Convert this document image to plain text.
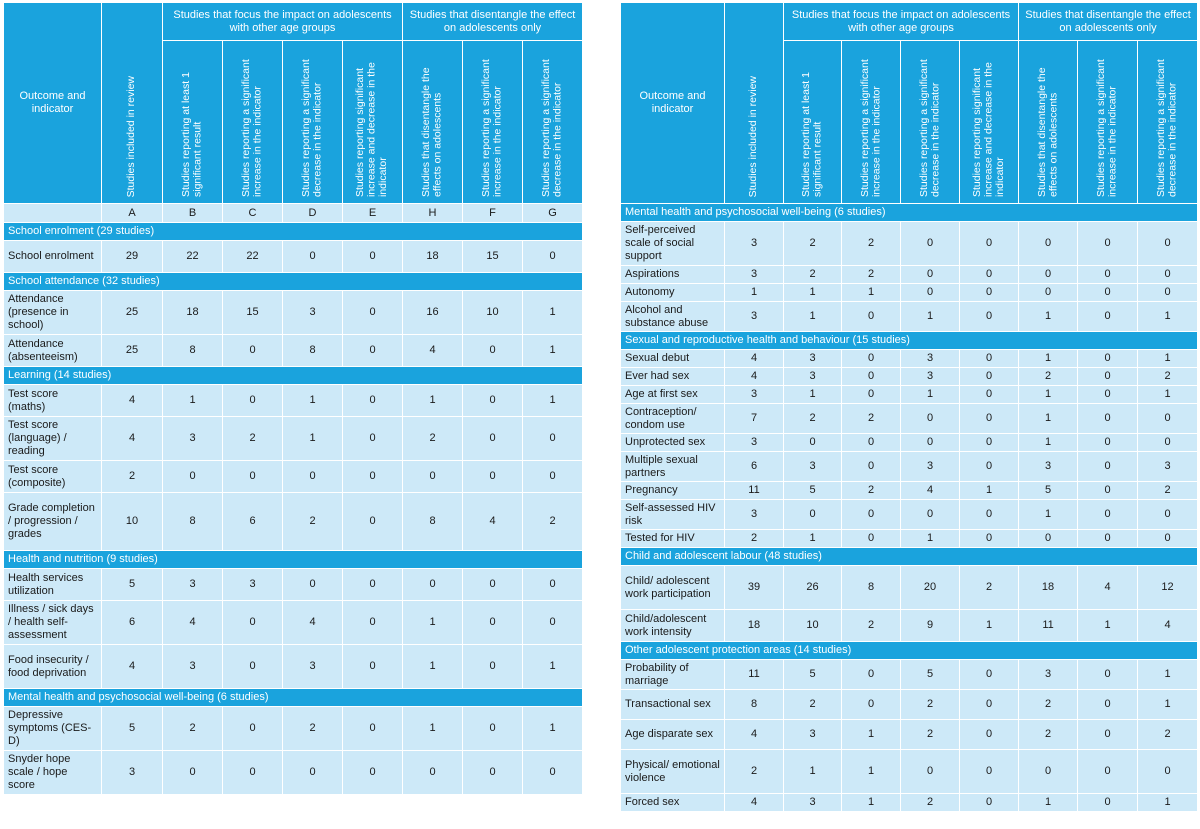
Outcome and indicator	Studies included in review	Studies that focus the impact on adolescents with other age groups				Studies that disentangle the effect on adolescents only		

		Studies reporting at least 1 significant result	Studies reporting a significant increase in the indicator	Studies reporting a significant decrease in the indicator	Studies reporting significant increase and decrease in the indicator	Studies that disentangle the effects on adolescents	Studies reporting a significant increase in the indicator	Studies reporting a significant decrease in the indicator

	A	B	C	D	E	H	F	G
School enrolment (29 studies)								
School enrolment	29	22	22	0	0	18	15	0
School attendance (32 studies)								
Attendance (presence in school)	25	18	15	3	0	16	10	1
Attendance (absenteeism)	25	8	0	8	0	4	0	1
Learning (14 studies)								
Test score (maths)	4	1	0	1	0	1	0	1
Test score (language) / reading	4	3	2	1	0	2	0	0
Test score (composite)	2	0	0	0	0	0	0	0
Grade completion / progression / grades	10	8	6	2	0	8	4	2
Health and nutrition (9 studies)								
Health services utilization	5	3	3	0	0	0	0	0
Illness / sick days / health self-assessment	6	4	0	4	0	1	0	0
Food insecurity / food deprivation	4	3	0	3	0	1	0	1
Mental health and psychosocial well-being (6 studies)								
Depressive symptoms (CES-D)	5	2	0	2	0	1	0	1
Snyder hope scale / hope score	3	0	0	0	0	0	0	0
Outcome and indicator	Studies included in review	Studies that focus the impact on adolescents with other age groups				Studies that disentangle the effect on adolescents only		

		Studies reporting at least 1 significant result	Studies reporting a significant increase in the indicator	Studies reporting a significant decrease in the indicator	Studies reporting significant increase and decrease in the indicator	Studies that disentangle the effects on adolescents	Studies reporting a significant increase in the indicator	Studies reporting a significant decrease in the indicator

Mental health and psychosocial well-being (6 studies)								
Self-perceived scale of social support	3	2	2	0	0	0	0	0
Aspirations	3	2	2	0	0	0	0	0
Autonomy	1	1	1	0	0	0	0	0
Alcohol and substance abuse	3	1	0	1	0	1	0	1
Sexual and reproductive health and behaviour (15 studies)								
Sexual debut	4	3	0	3	0	1	0	1
Ever had sex	4	3	0	3	0	2	0	2
Age at first sex	3	1	0	1	0	1	0	1
Contraception/ condom use	7	2	2	0	0	1	0	0
Unprotected sex	3	0	0	0	0	1	0	0
Multiple sexual partners	6	3	0	3	0	3	0	3
Pregnancy	11	5	2	4	1	5	0	2
Self-assessed HIV risk	3	0	0	0	0	1	0	0
Tested for HIV	2	1	0	1	0	0	0	0
Child and adolescent labour (48 studies)								
Child/ adolescent work participation	39	26	8	20	2	18	4	12
Child/adolescent work intensity	18	10	2	9	1	11	1	4
Other adolescent protection areas (14 studies)								
Probability of marriage	11	5	0	5	0	3	0	1
Transactional sex	8	2	0	2	0	2	0	1
Age disparate sex	4	3	1	2	0	2	0	2
Physical/ emotional violence	2	1	1	0	0	0	0	0
Forced sex	4	3	1	2	0	1	0	1
